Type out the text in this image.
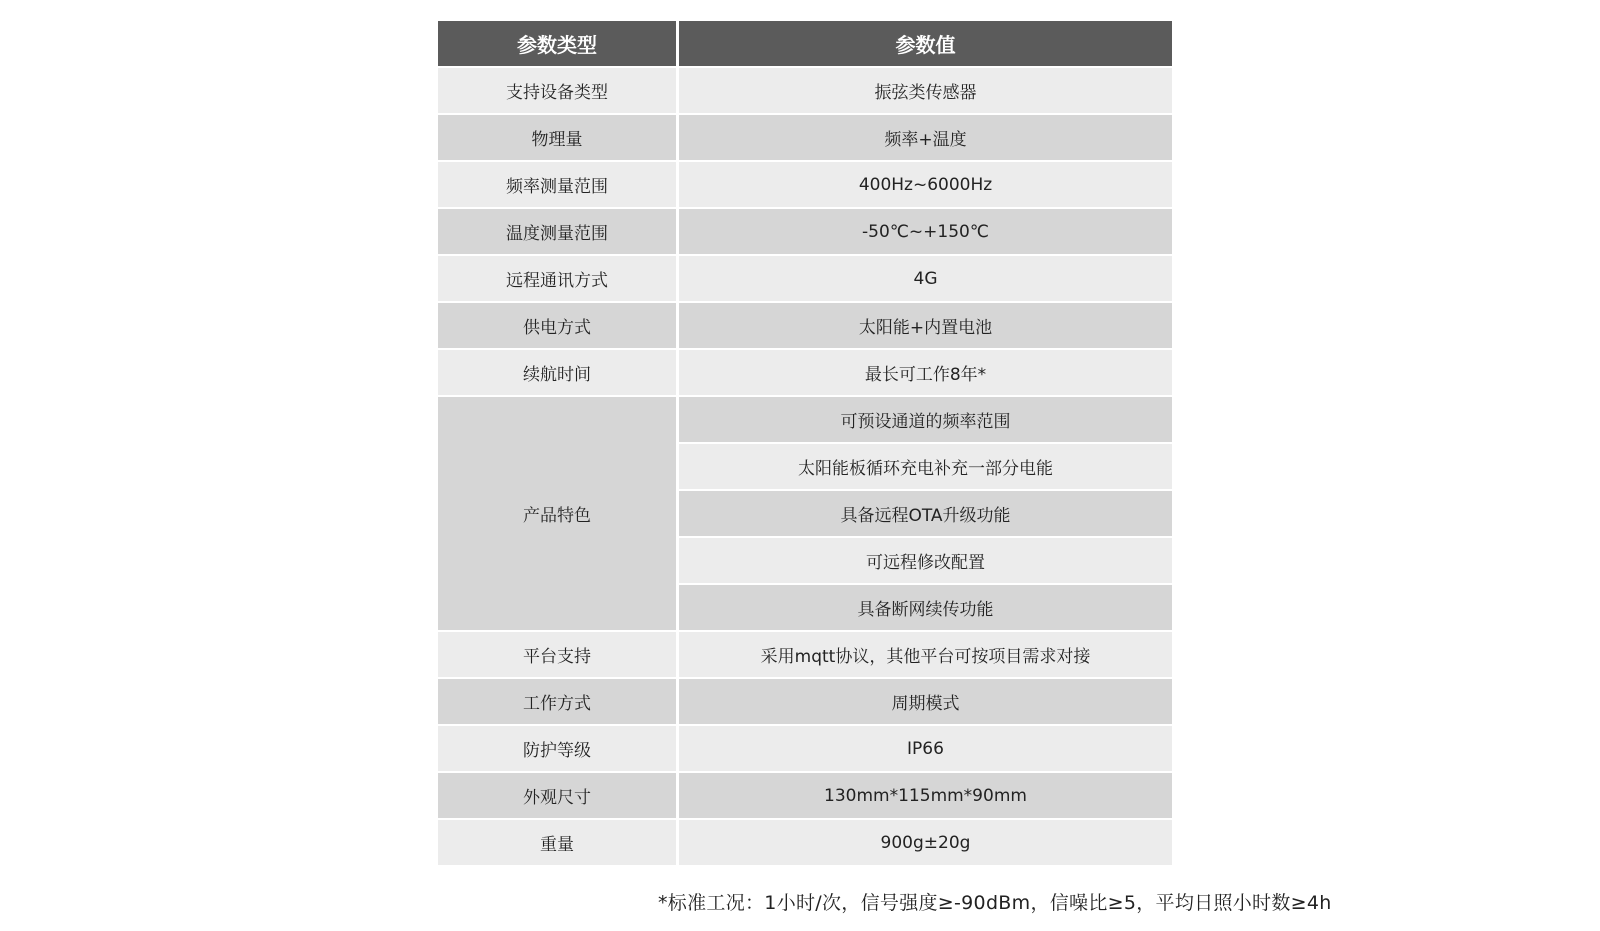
参数类型	参数值
支持设备类型	振弦类传感器
物理量	频率+温度
频率测量范围	400Hz~6000Hz
温度测量范围	-50℃~+150℃
远程通讯方式	4G
供电方式	太阳能+内置电池
续航时间	最长可工作8年*
产品特色	可预设通道的频率范围
	太阳能板循环充电补充一部分电能
	具备远程OTA升级功能
	可远程修改配置
	具备断网续传功能
平台支持	采用mqtt协议，其他平台可按项目需求对接
工作方式	周期模式
防护等级	IP66
外观尺寸	130mm*115mm*90mm
重量	900g±20g
*标准工况：1小时/次，信号强度≥-90dBm，信噪比≥5，平均日照小时数≥4h
